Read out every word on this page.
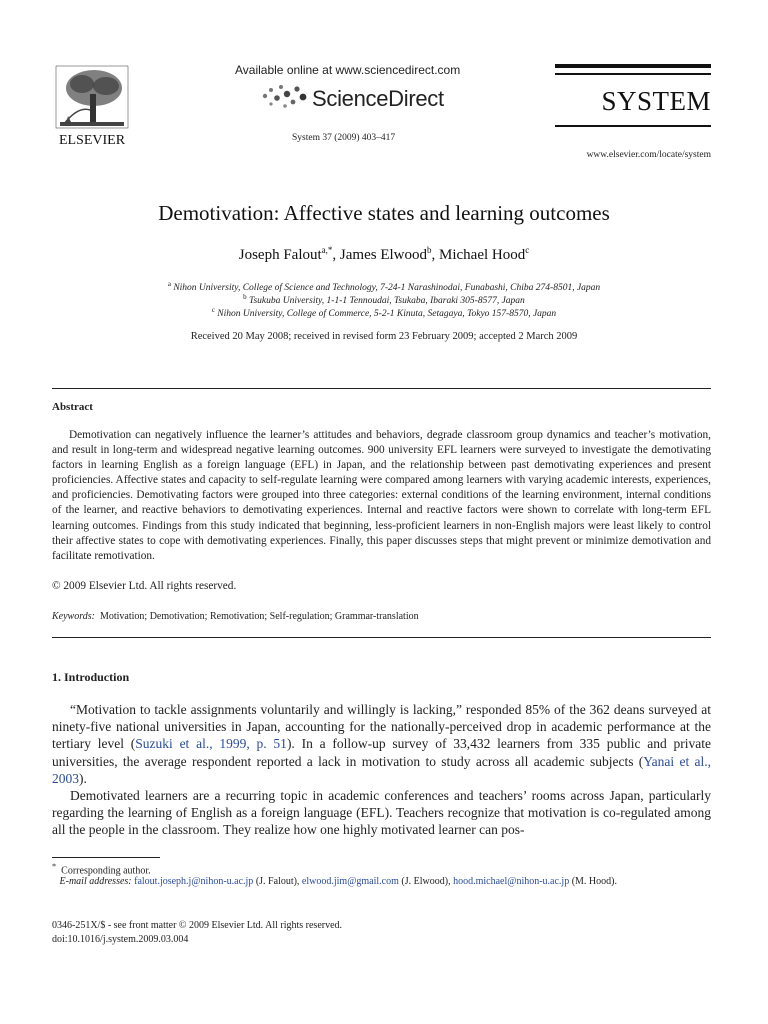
ELSEVIER
Available online at www.sciencedirect.com
ScienceDirect
System 37 (2009) 403–417
SYSTEM
www.elsevier.com/locate/system
Demotivation: Affective states and learning outcomes
Joseph Falout$^{a,*}$, James Elwood$^b$, Michael Hood$^c$
$^a$ Nihon University, College of Science and Technology, 7-24-1 Narashinodai, Funabashi, Chiba 274-8501, Japan
$^b$ Tsukuba University, 1-1-1 Tennoudai, Tsukaba, Ibaraki 305-8577, Japan
$^c$ Nihon University, College of Commerce, 5-2-1 Kinuta, Setagaya, Tokyo 157-8570, Japan
Received 20 May 2008; received in revised form 23 February 2009; accepted 2 March 2009
Abstract

Demotivation can negatively influence the learner’s attitudes and behaviors, degrade classroom group dynamics and teacher’s motivation, and result in long-term and widespread negative learning outcomes. 900 university EFL learners were surveyed to investigate the demotivating factors in learning English as a foreign language (EFL) in Japan, and the relationship between past demotivating experiences and present proficiencies. Affective states and capacity to self-regulate learning were compared among learners with varying academic interests, experiences, and proficiencies. Demotivating factors were grouped into three categories: external conditions of the learning environment, internal conditions of the learner, and reactive behaviors to demotivating experiences. Internal and reactive factors were shown to correlate with long-term EFL learning outcomes. Findings from this study indicated that beginning, less-proficient learners in non-English majors were least likely to control their affective states to cope with demotivating experiences. Finally, this paper discusses steps that might prevent or minimize demotivation and facilitate remotivation.

© 2009 Elsevier Ltd. All rights reserved.
Keywords: Motivation; Demotivation; Remotivation; Self-regulation; Grammar-translation
1. Introduction

“Motivation to tackle assignments voluntarily and willingly is lacking,” responded 85% of the 362 deans surveyed at ninety-five national universities in Japan, accounting for the nationally-perceived drop in academic performance at the tertiary level (Suzuki et al., 1999, p. 51). In a follow-up survey of 33,432 learners from 335 public and private universities, the average respondent reported a lack in motivation to study across all academic subjects (Yanai et al., 2003).

Demotivated learners are a recurring topic in academic conferences and teachers’ rooms across Japan, particularly regarding the learning of English as a foreign language (EFL). Teachers recognize that motivation is co-regulated among all the people in the classroom. They realize how one highly motivated learner can pos-

* Corresponding author.
E-mail addresses: falout.joseph.j@nihon-u.ac.jp (J. Falout), elwood.jim@gmail.com (J. Elwood), hood.michael@nihon-u.ac.jp (M. Hood).
0346-251X/$ - see front matter © 2009 Elsevier Ltd. All rights reserved.
doi:10.1016/j.system.2009.03.004
